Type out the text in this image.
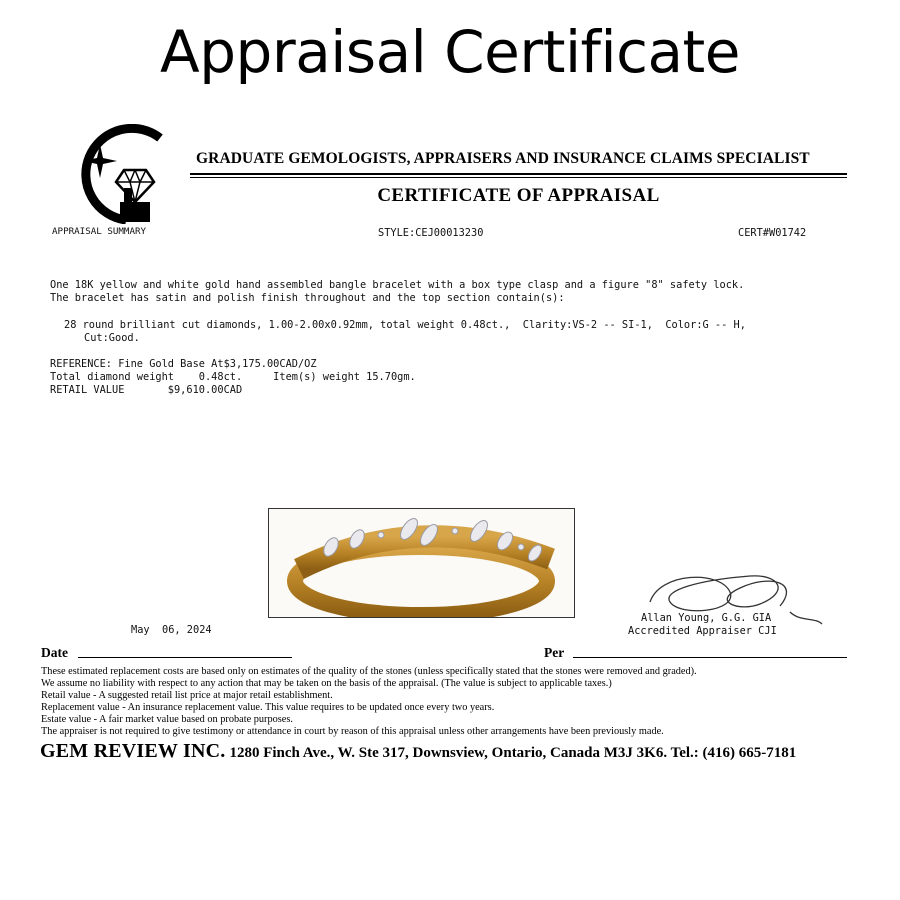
Appraisal Certificate
APPRAISAL SUMMARY
GRADUATE GEMOLOGISTS, APPRAISERS AND INSURANCE CLAIMS SPECIALIST
CERTIFICATE OF APPRAISAL
STYLE:CEJ00013230	CERT#W01742
One 18K yellow and white gold hand assembled bangle bracelet with a box type clasp and a figure "8" safety lock.
The bracelet has satin and polish finish throughout and the top section contain(s):
28 round brilliant cut diamonds, 1.00-2.00x0.92mm, total weight 0.48ct.,  Clarity:VS-2 -- SI-1,  Color:G -- H,
Cut:Good.
REFERENCE: Fine Gold Base At$3,175.00CAD/OZ
Total diamond weight    0.48ct.     Item(s) weight 15.70gm.
RETAIL VALUE       $9,610.00CAD
May  06, 2024
Allan Young, G.G. GIA
Accredited Appraiser CJI
Date	Per
These estimated replacement costs are based only on estimates of the quality of the stones (unless specifically stated that the stones were removed and graded).
We assume no liability with respect to any action that may be taken on the basis of the appraisal. (The value is subject to applicable taxes.)
Retail value - A suggested retail list price at major retail establishment.
Replacement value - An insurance replacement value. This value requires to be updated once every two years.
Estate value - A fair market value based on probate purposes.
The appraiser is not required to give testimony or attendance in court by reason of this appraisal unless other arrangements have been previously made.
GEM REVIEW INC. 1280 Finch Ave., W. Ste 317, Downsview, Ontario, Canada M3J 3K6. Tel.: (416) 665-7181
